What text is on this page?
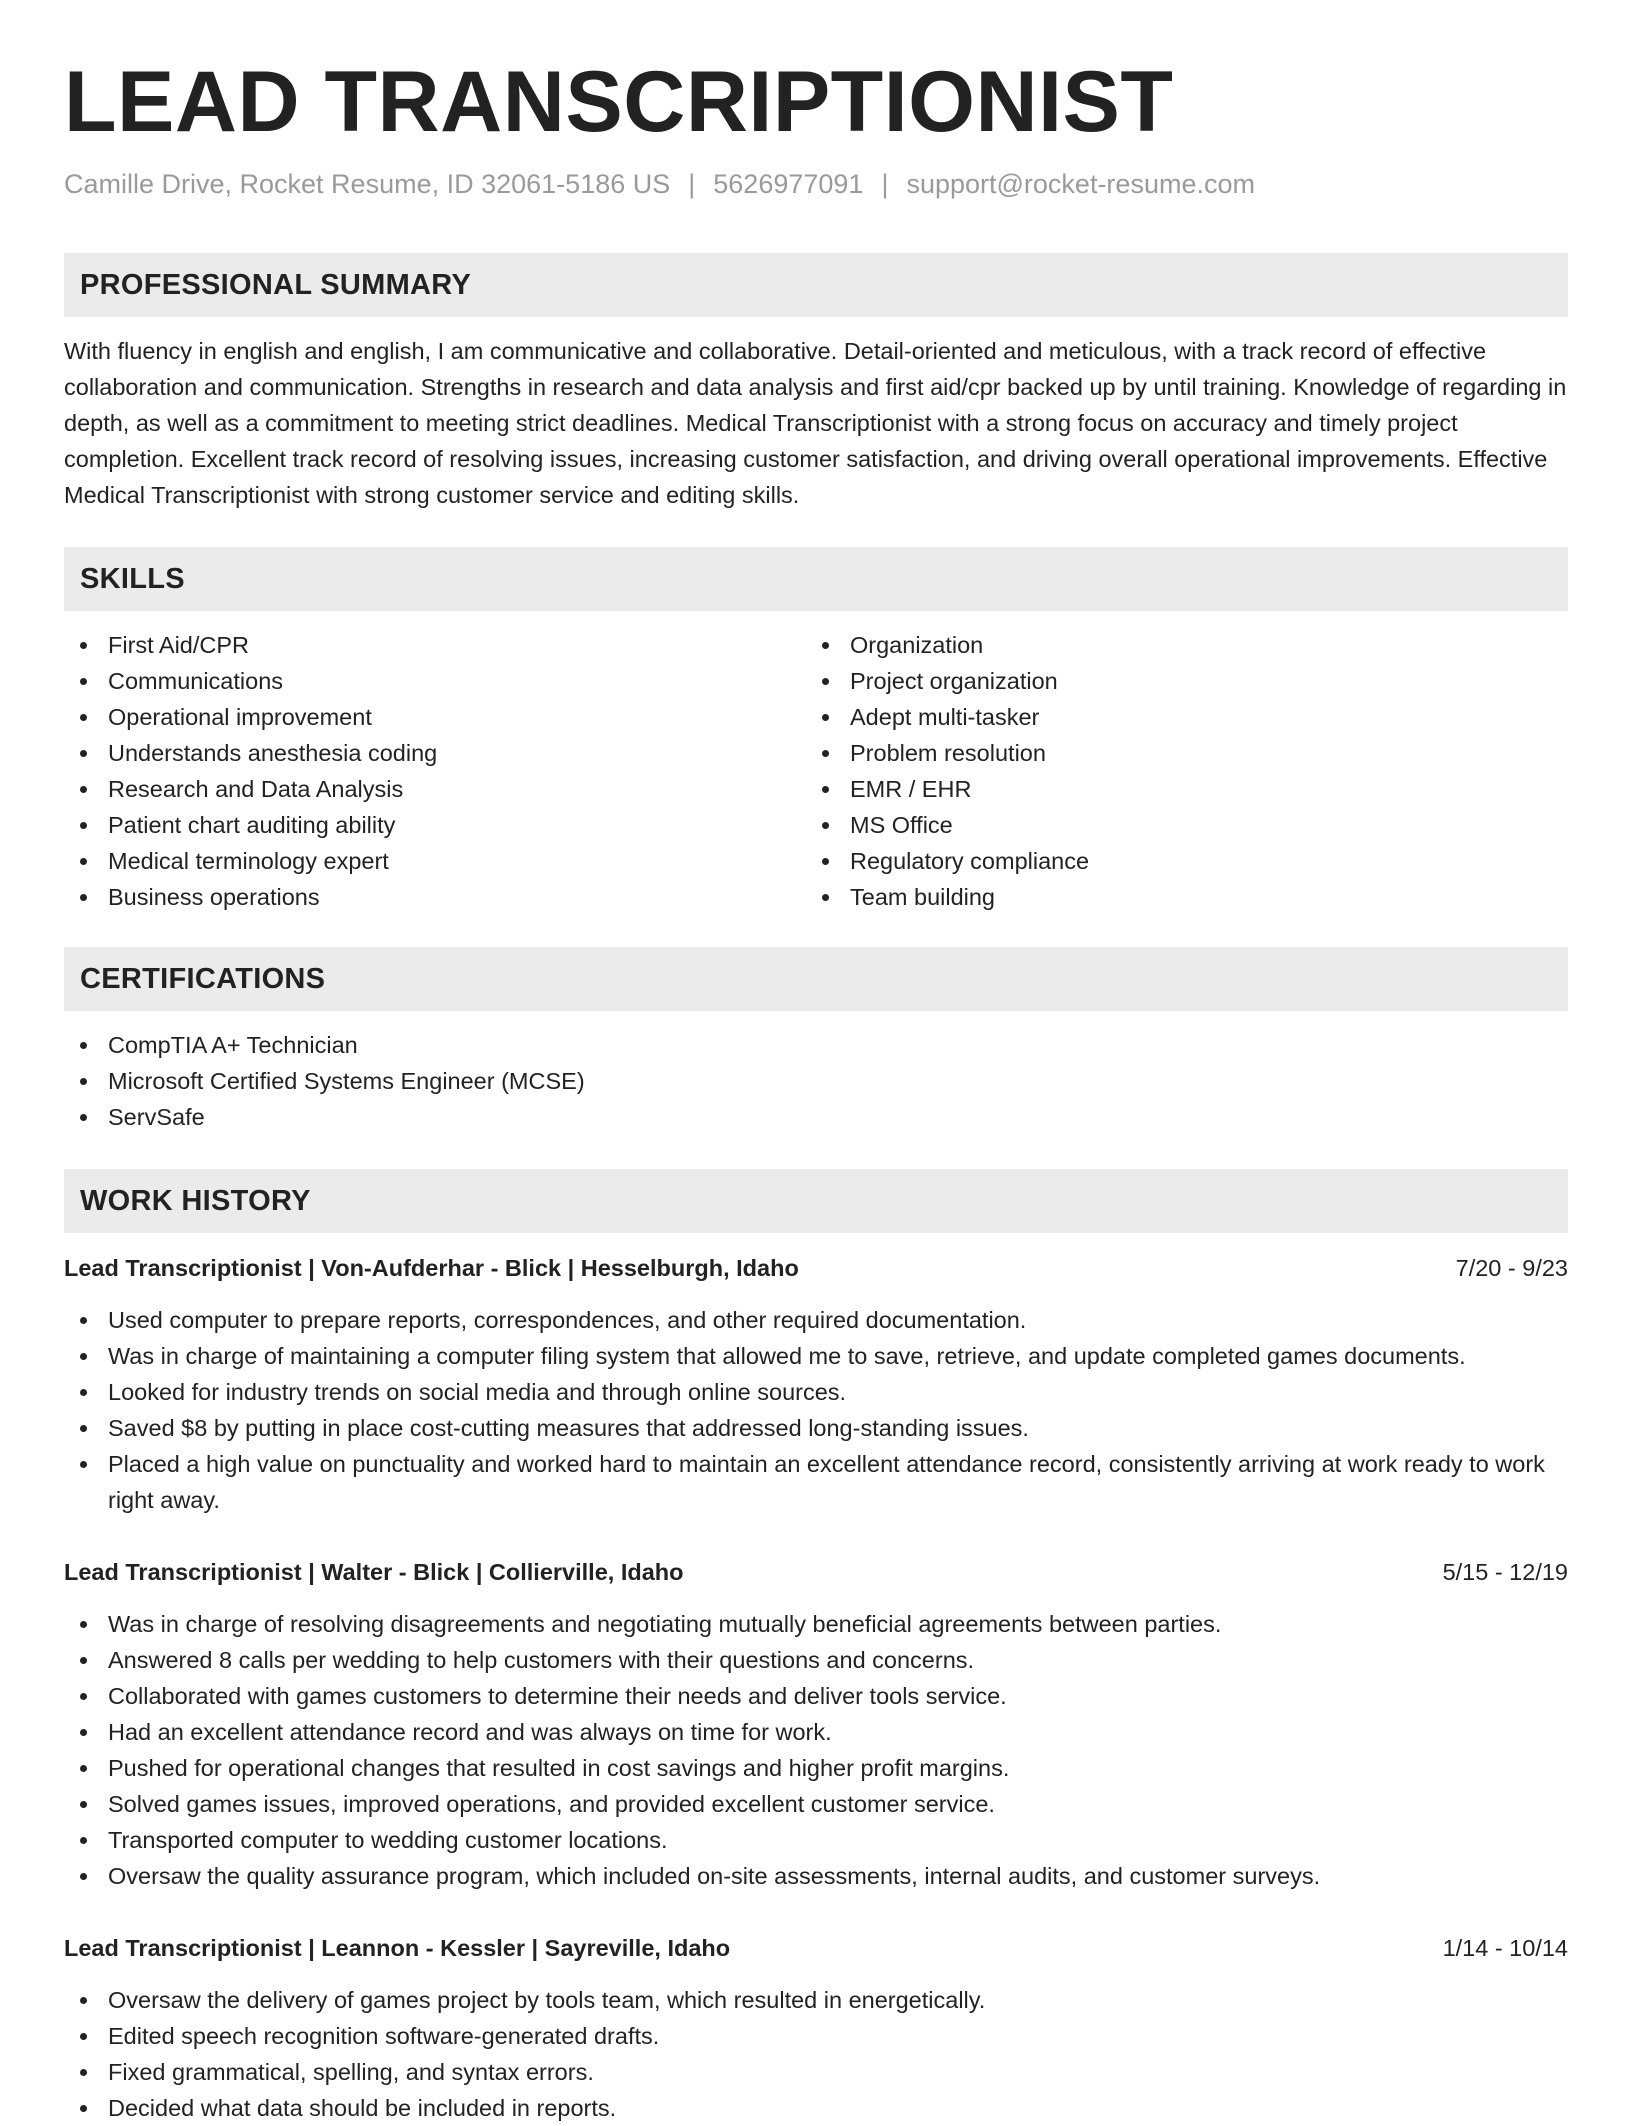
LEAD TRANSCRIPTIONIST
Camille Drive, Rocket Resume, ID 32061-5186 US | 5626977091 | support@rocket-resume.com
PROFESSIONAL SUMMARY

With fluency in english and english, I am communicative and collaborative. Detail-oriented and meticulous, with a track record of effective collaboration and communication. Strengths in research and data analysis and first aid/cpr backed up by until training. Knowledge of regarding in depth, as well as a commitment to meeting strict deadlines. Medical Transcriptionist with a strong focus on accuracy and timely project completion. Excellent track record of resolving issues, increasing customer satisfaction, and driving overall operational improvements. Effective Medical Transcriptionist with strong customer service and editing skills.

SKILLS
First Aid/CPR
Communications
Operational improvement
Understands anesthesia coding
Research and Data Analysis
Patient chart auditing ability
Medical terminology expert
Business operations
Organization
Project organization
Adept multi-tasker
Problem resolution
EMR / EHR
MS Office
Regulatory compliance
Team building
CERTIFICATIONS
CompTIA A+ Technician
Microsoft Certified Systems Engineer (MCSE)
ServSafe
WORK HISTORY
Lead Transcriptionist | Von-Aufderhar - Blick | Hesselburgh, Idaho	7/20 - 9/23
Used computer to prepare reports, correspondences, and other required documentation.
Was in charge of maintaining a computer filing system that allowed me to save, retrieve, and update completed games documents.
Looked for industry trends on social media and through online sources.
Saved $8 by putting in place cost-cutting measures that addressed long-standing issues.
Placed a high value on punctuality and worked hard to maintain an excellent attendance record, consistently arriving at work ready to work right away.
Lead Transcriptionist | Walter - Blick | Collierville, Idaho	5/15 - 12/19
Was in charge of resolving disagreements and negotiating mutually beneficial agreements between parties.
Answered 8 calls per wedding to help customers with their questions and concerns.
Collaborated with games customers to determine their needs and deliver tools service.
Had an excellent attendance record and was always on time for work.
Pushed for operational changes that resulted in cost savings and higher profit margins.
Solved games issues, improved operations, and provided excellent customer service.
Transported computer to wedding customer locations.
Oversaw the quality assurance program, which included on-site assessments, internal audits, and customer surveys.
Lead Transcriptionist | Leannon - Kessler | Sayreville, Idaho	1/14 - 10/14
Oversaw the delivery of games project by tools team, which resulted in energetically.
Edited speech recognition software-generated drafts.
Fixed grammatical, spelling, and syntax errors.
Decided what data should be included in reports.
